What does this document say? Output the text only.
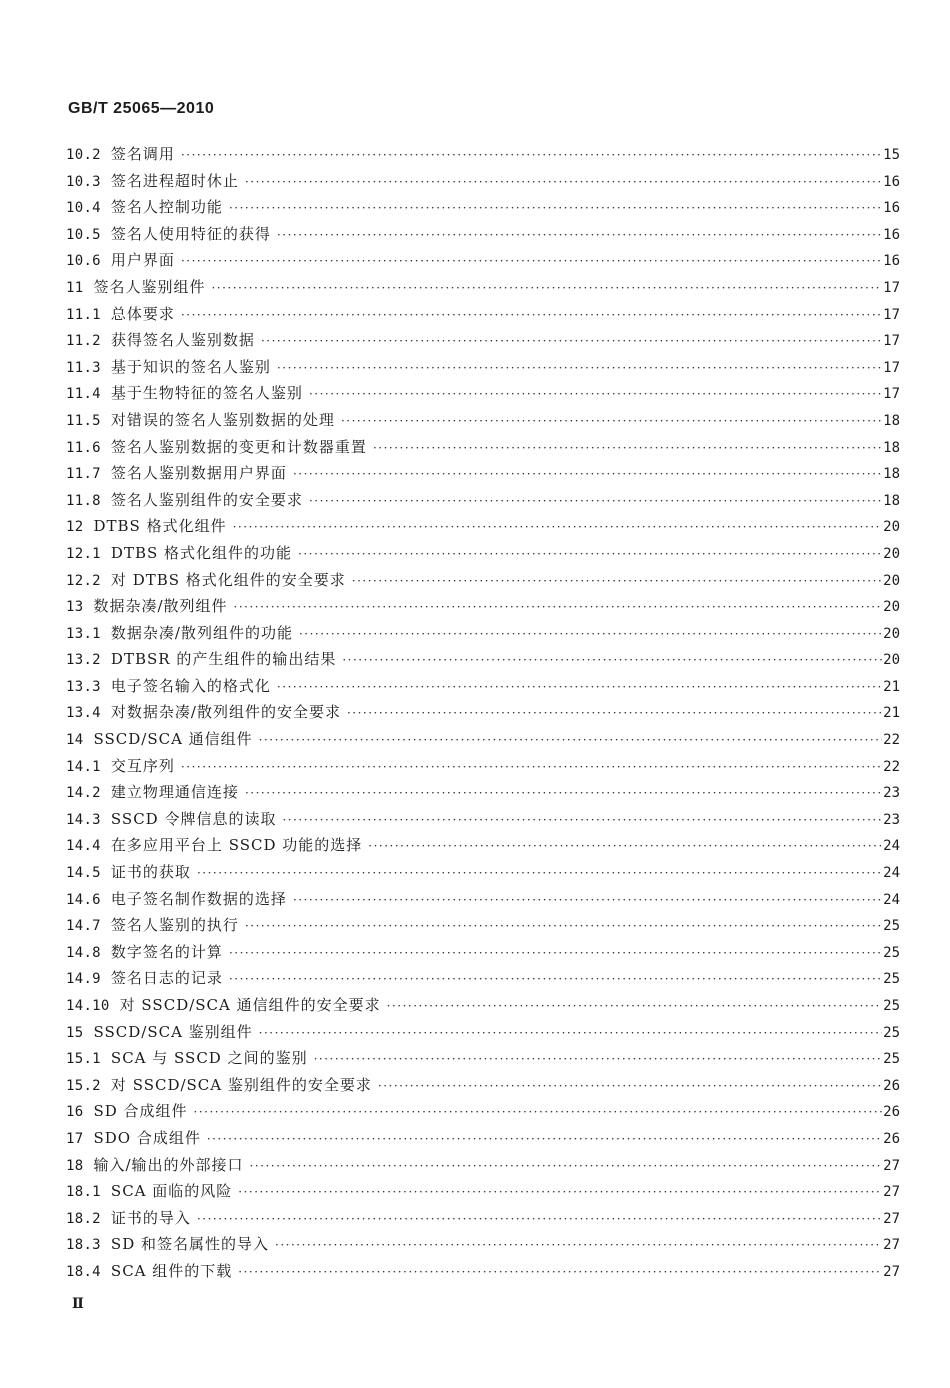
GB/T 25065—2010
10.2 签名调用 ·····	15
10.3 签名进程超时休止 ·····	16
10.4 签名人控制功能 ·····	16
10.5 签名人使用特征的获得 ·····	16
10.6 用户界面 ·····	16
11 签名人鉴别组件 ·····	17
11.1 总体要求 ·····	17
11.2 获得签名人鉴别数据 ·····	17
11.3 基于知识的签名人鉴别 ·····	17
11.4 基于生物特征的签名人鉴别 ·····	17
11.5 对错误的签名人鉴别数据的处理 ·····	18
11.6 签名人鉴别数据的变更和计数器重置 ·····	18
11.7 签名人鉴别数据用户界面 ·····	18
11.8 签名人鉴别组件的安全要求 ·····	18
12 DTBS 格式化组件 ·····	20
12.1 DTBS 格式化组件的功能 ·····	20
12.2 对 DTBS 格式化组件的安全要求 ·····	20
13 数据杂凑/散列组件 ·····	20
13.1 数据杂凑/散列组件的功能 ·····	20
13.2 DTBSR 的产生组件的输出结果 ·····	20
13.3 电子签名输入的格式化 ·····	21
13.4 对数据杂凑/散列组件的安全要求 ·····	21
14 SSCD/SCA 通信组件 ·····	22
14.1 交互序列 ·····	22
14.2 建立物理通信连接 ·····	23
14.3 SSCD 令牌信息的读取 ·····	23
14.4 在多应用平台上 SSCD 功能的选择 ·····	24
14.5 证书的获取 ·····	24
14.6 电子签名制作数据的选择 ·····	24
14.7 签名人鉴别的执行 ·····	25
14.8 数字签名的计算 ·····	25
14.9 签名日志的记录 ·····	25
14.10 对 SSCD/SCA 通信组件的安全要求 ·····	25
15 SSCD/SCA 鉴别组件 ·····	25
15.1 SCA 与 SSCD 之间的鉴别 ·····	25
15.2 对 SSCD/SCA 鉴别组件的安全要求 ·····	26
16 SD 合成组件 ·····	26
17 SDO 合成组件 ·····	26
18 输入/输出的外部接口 ·····	27
18.1 SCA 面临的风险 ·····	27
18.2 证书的导入 ·····	27
18.3 SD 和签名属性的导入 ·····	27
18.4 SCA 组件的下载 ·····	27
Ⅱ
